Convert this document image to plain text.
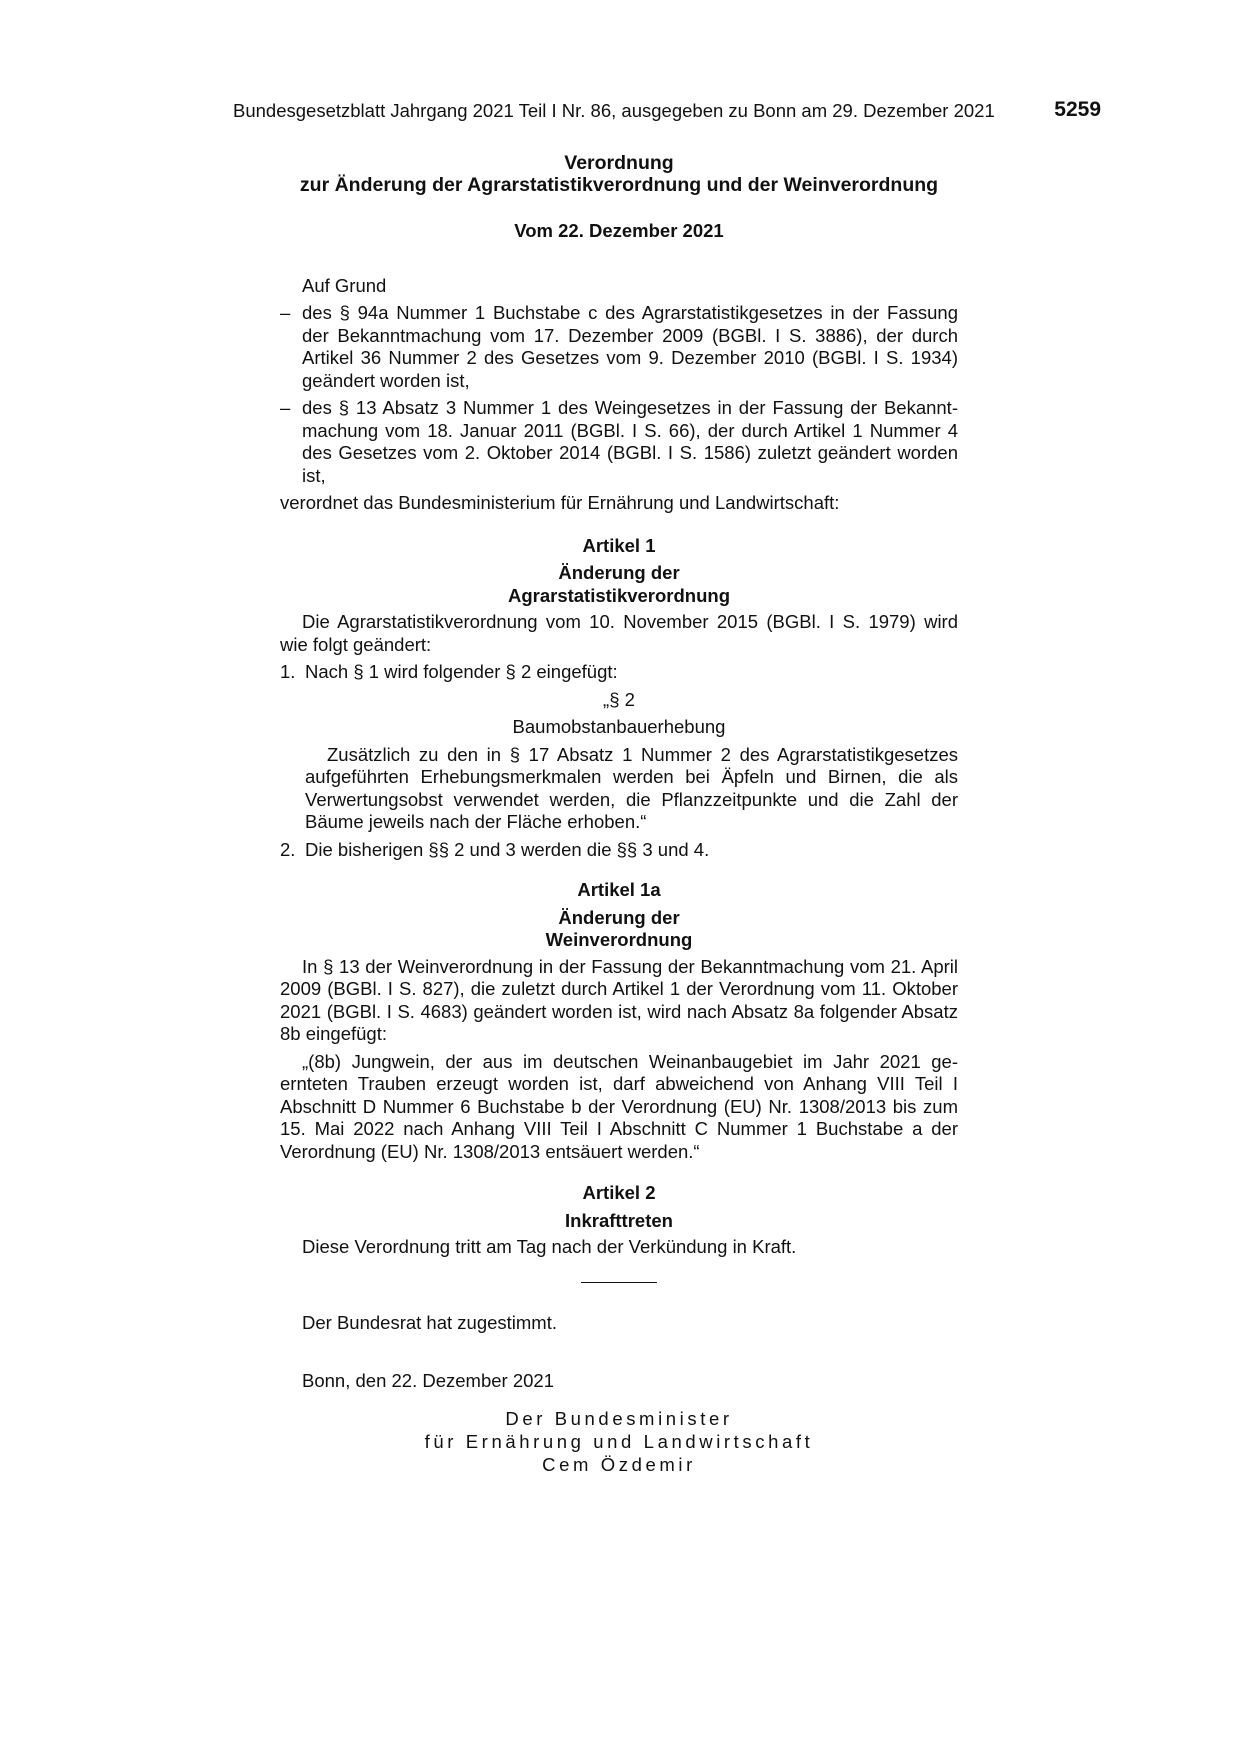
Bundesgesetzblatt Jahrgang 2021 Teil I Nr. 86, ausgegeben zu Bonn am 29. Dezember 2021	5259
Verordnung
zur Änderung der Agrarstatistikverordnung und der Weinverordnung
Vom 22. Dezember 2021
Auf Grund
– des § 94a Nummer 1 Buchstabe c des Agrarstatistikgesetzes in der Fassung der Bekanntmachung vom 17. Dezember 2009 (BGBl. I S. 3886), der durch Artikel 36 Nummer 2 des Gesetzes vom 9. Dezember 2010 (BGBl. I S. 1934) geändert worden ist,
– des § 13 Absatz 3 Nummer 1 des Weingesetzes in der Fassung der Bekanntmachung vom 18. Januar 2011 (BGBl. I S. 66), der durch Artikel 1 Nummer 4 des Gesetzes vom 2. Oktober 2014 (BGBl. I S. 1586) zuletzt geändert worden ist,
verordnet das Bundesministerium für Ernährung und Landwirtschaft:
Artikel 1
Änderung der
Agrarstatistikverordnung
Die Agrarstatistikverordnung vom 10. November 2015 (BGBl. I S. 1979) wird wie folgt geändert:
1. Nach § 1 wird folgender § 2 eingefügt:
„§ 2
Baumobstanbauerhebung
Zusätzlich zu den in § 17 Absatz 1 Nummer 2 des Agrarstatistikgesetzes aufgeführten Erhebungsmerkmalen werden bei Äpfeln und Birnen, die als Verwertungsobst verwendet werden, die Pflanzzeitpunkte und die Zahl der Bäume jeweils nach der Fläche erhoben.“
2. Die bisherigen §§ 2 und 3 werden die §§ 3 und 4.
Artikel 1a
Änderung der
Weinverordnung
In § 13 der Weinverordnung in der Fassung der Bekanntmachung vom 21. April 2009 (BGBl. I S. 827), die zuletzt durch Artikel 1 der Verordnung vom 11. Oktober 2021 (BGBl. I S. 4683) geändert worden ist, wird nach Absatz 8a folgender Absatz 8b eingefügt:
„(8b) Jungwein, der aus im deutschen Weinanbaugebiet im Jahr 2021 geernteten Trauben erzeugt worden ist, darf abweichend von Anhang VIII Teil I Abschnitt D Nummer 6 Buchstabe b der Verordnung (EU) Nr. 1308/2013 bis zum 15. Mai 2022 nach Anhang VIII Teil I Abschnitt C Nummer 1 Buchstabe a der Verordnung (EU) Nr. 1308/2013 entsäuert werden.“
Artikel 2
Inkrafttreten
Diese Verordnung tritt am Tag nach der Verkündung in Kraft.
Der Bundesrat hat zugestimmt.
Bonn, den 22. Dezember 2021
Der Bundesminister
für Ernährung und Landwirtschaft
Cem Özdemir
